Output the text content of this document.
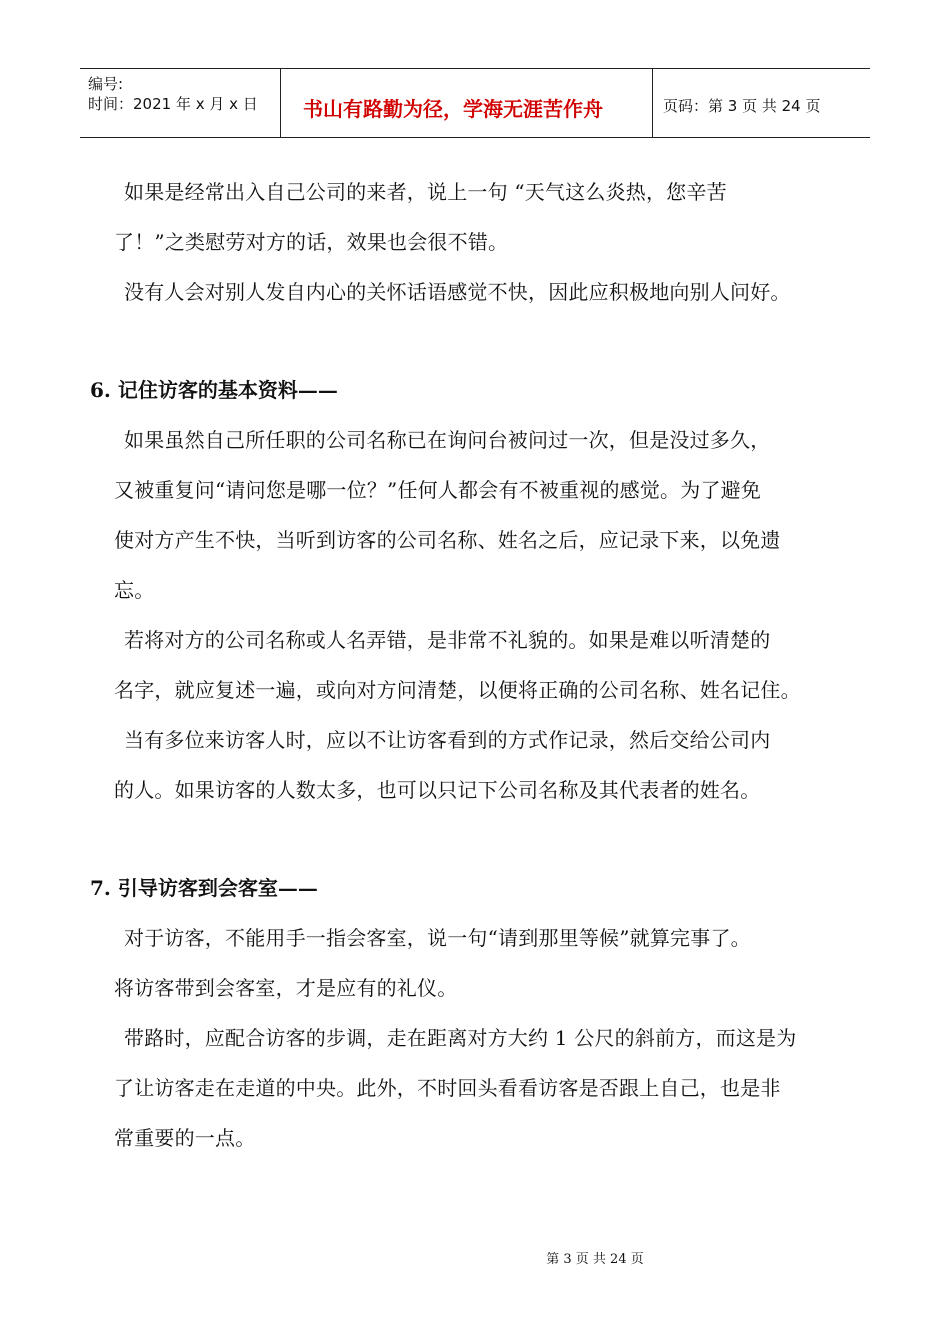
编号:
时间：2021 年 x 月 x 日 书山有路勤为径，学海无涯苦作舟	页码：第 3 页 共 24 页
如果是经常出入自己公司的来者，说上一句 “天气这么炎热，您辛苦
了！”之类慰劳对方的话，效果也会很不错。
没有人会对别人发自内心的关怀话语感觉不快，因此应积极地向别人问好。
6. 记住访客的基本资料——
如果虽然自己所任职的公司名称已在询问台被问过一次，但是没过多久，
又被重复问“请问您是哪一位？”任何人都会有不被重视的感觉。为了避免
使对方产生不快，当听到访客的公司名称、姓名之后，应记录下来，以免遗
忘。
若将对方的公司名称或人名弄错，是非常不礼貌的。如果是难以听清楚的
名字，就应复述一遍，或向对方问清楚，以便将正确的公司名称、姓名记住。
当有多位来访客人时，应以不让访客看到的方式作记录，然后交给公司内
的人。如果访客的人数太多，也可以只记下公司名称及其代表者的姓名。
7. 引导访客到会客室——
对于访客，不能用手一指会客室，说一句“请到那里等候”就算完事了。
将访客带到会客室，才是应有的礼仪。
带路时，应配合访客的步调，走在距离对方大约 1 公尺的斜前方，而这是为
了让访客走在走道的中央。此外，不时回头看看访客是否跟上自己，也是非
常重要的一点。
第 3 页 共 24 页
